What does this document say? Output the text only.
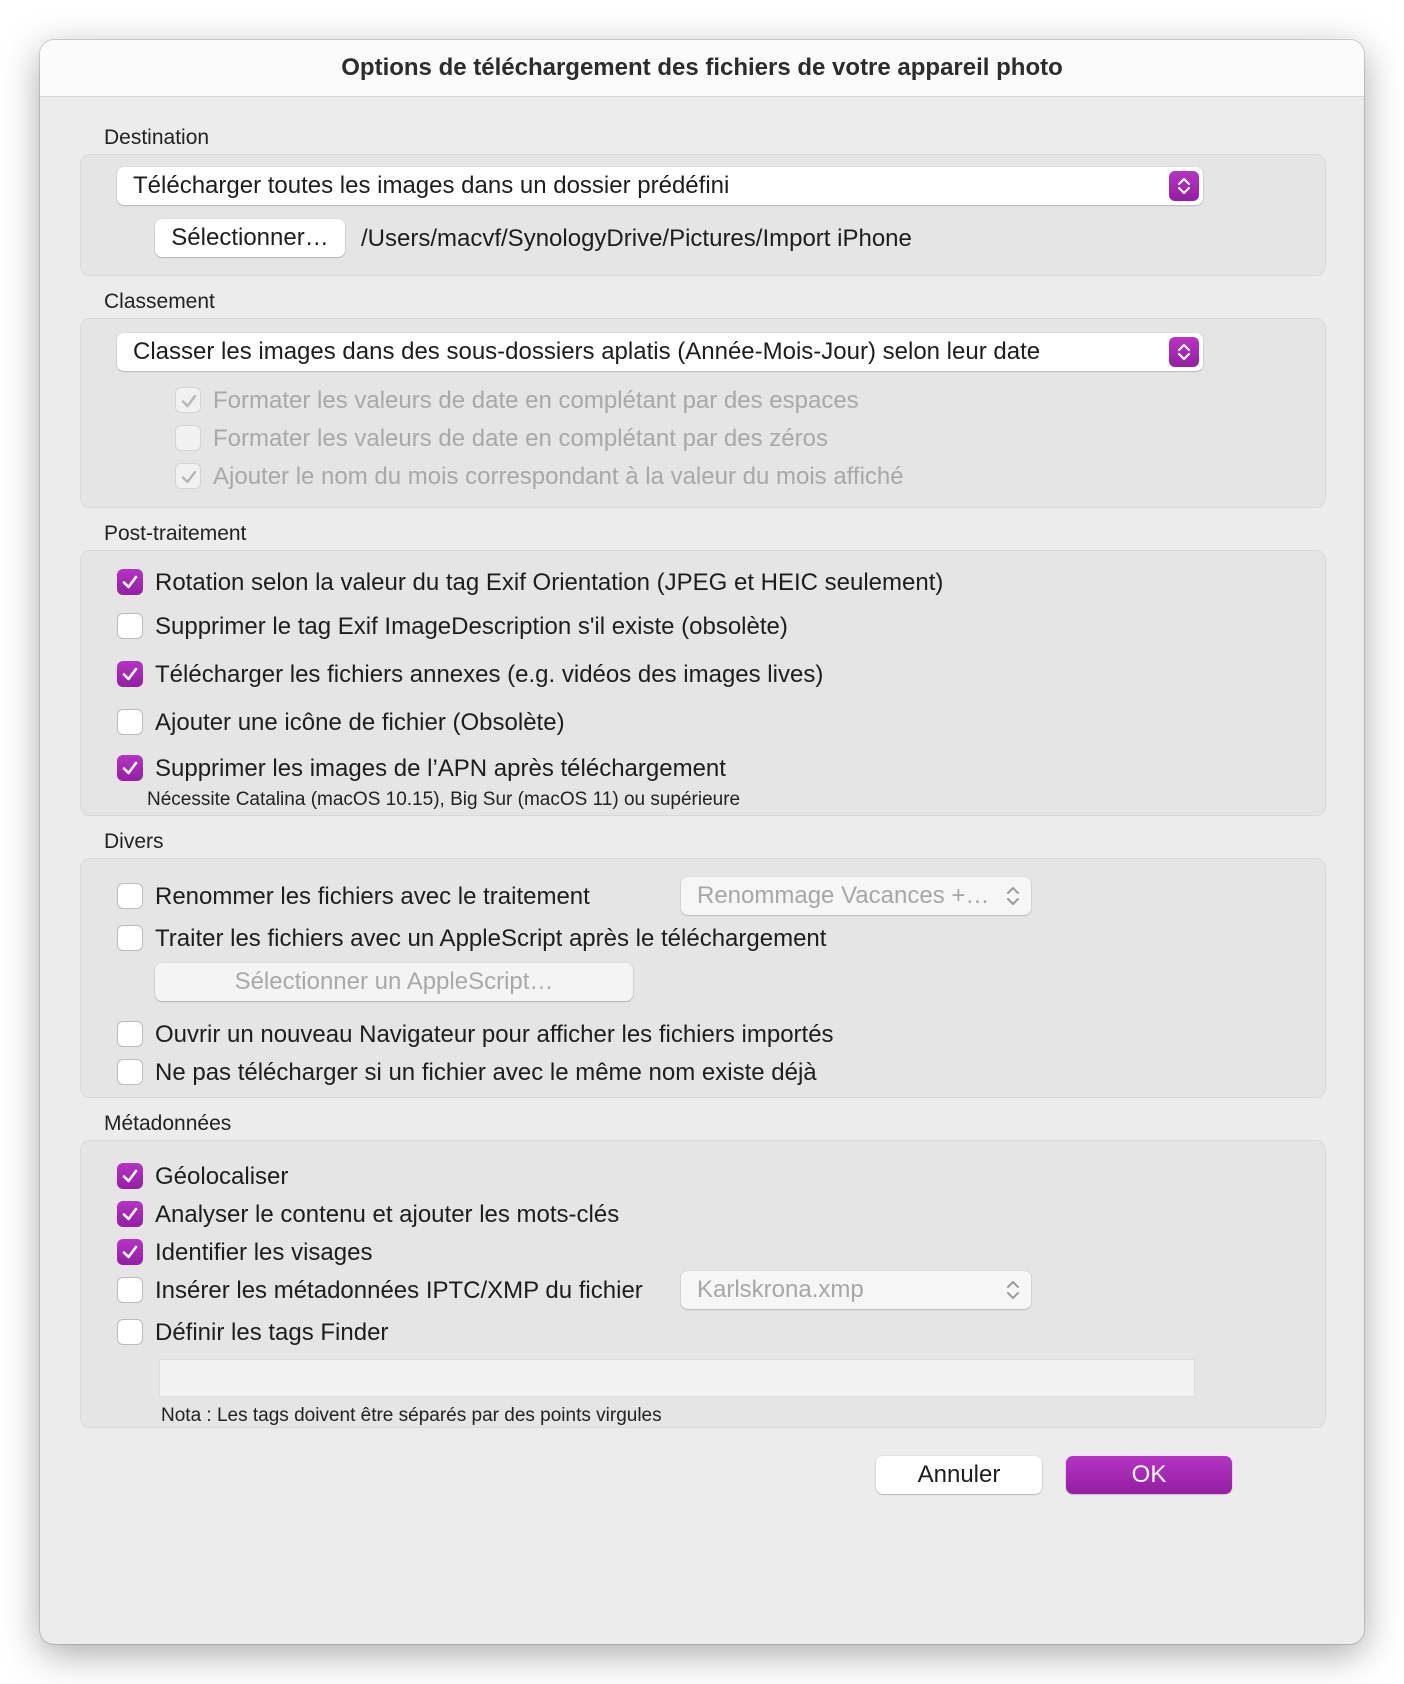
Options de téléchargement des fichiers de votre appareil photo
Destination
Télécharger toutes les images dans un dossier prédéfini
Sélectionner…	/Users/macvf/SynologyDrive/Pictures/Import iPhone
Classement
Classer les images dans des sous-dossiers aplatis (Année-Mois-Jour) selon leur date
Formater les valeurs de date en complétant par des espaces
Formater les valeurs de date en complétant par des zéros
Ajouter le nom du mois correspondant à la valeur du mois affiché
Post-traitement
Rotation selon la valeur du tag Exif Orientation (JPEG et HEIC seulement)
Supprimer le tag Exif ImageDescription s'il existe (obsolète)
Télécharger les fichiers annexes (e.g. vidéos des images lives)
Ajouter une icône de fichier (Obsolète)
Supprimer les images de l’APN après téléchargement
Nécessite Catalina (macOS 10.15), Big Sur (macOS 11) ou supérieure
Divers
Renommer les fichiers avec le traitement	Renommage Vacances +…
Traiter les fichiers avec un AppleScript après le téléchargement
Sélectionner un AppleScript…
Ouvrir un nouveau Navigateur pour afficher les fichiers importés
Ne pas télécharger si un fichier avec le même nom existe déjà
Métadonnées
Géolocaliser
Analyser le contenu et ajouter les mots-clés
Identifier les visages
Insérer les métadonnées IPTC/XMP du fichier	Karlskrona.xmp
Définir les tags Finder
Nota : Les tags doivent être séparés par des points virgules
Annuler	OK
